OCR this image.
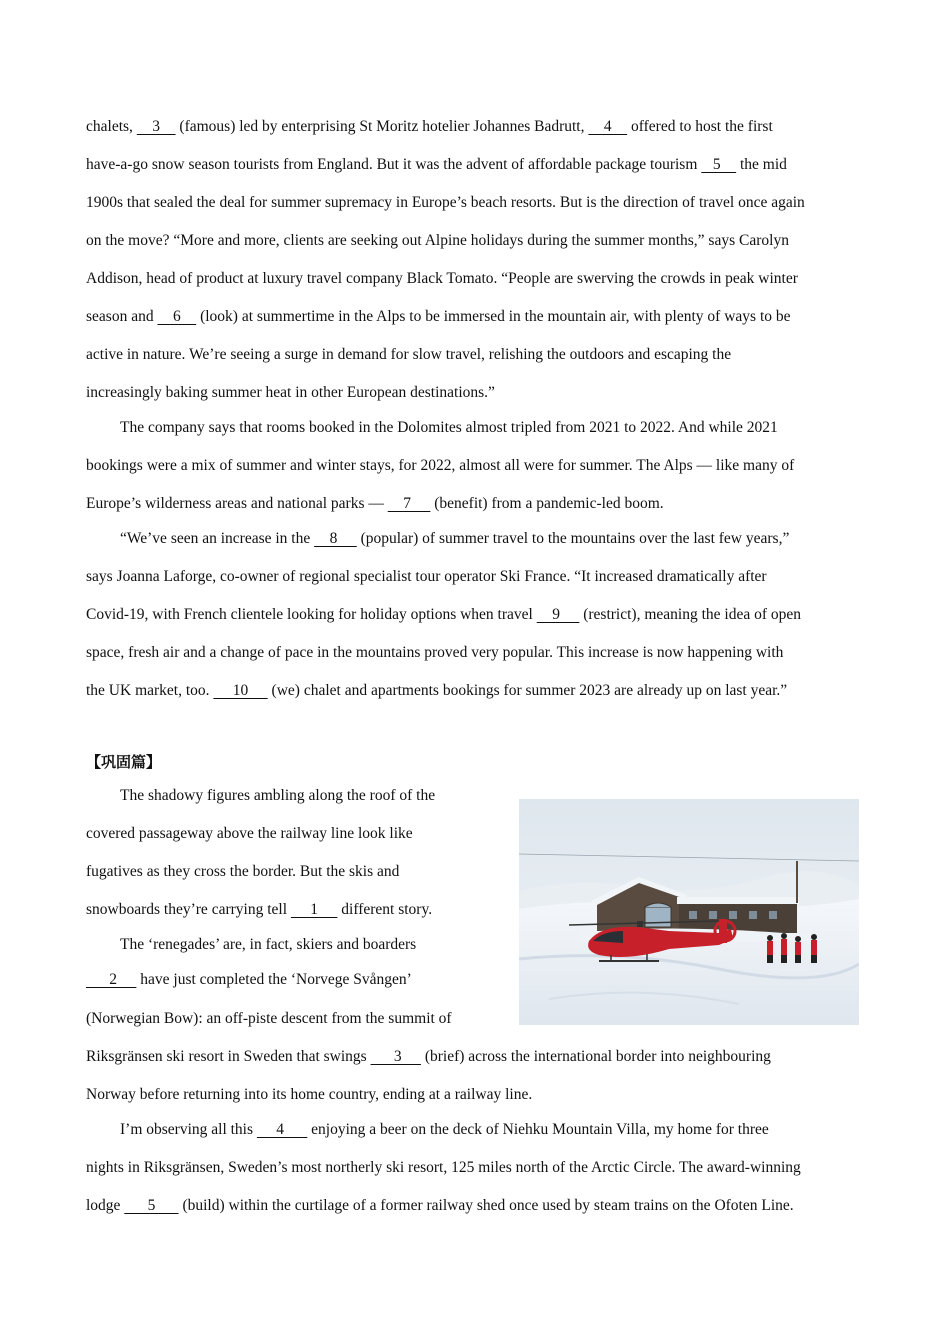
chalets,     3     (famous) led by enterprising St Moritz hotelier Johannes Badrutt,     4     offered to host the first
have-a-go snow season tourists from England. But it was the advent of affordable package tourism    5     the mid
1900s that sealed the deal for summer supremacy in Europe’s beach resorts. But is the direction of travel once again
on the move? “More and more, clients are seeking out Alpine holidays during the summer months,” says Carolyn
Addison, head of product at luxury travel company Black Tomato. “People are swerving the crowds in peak winter
season and     6     (look) at summertime in the Alps to be immersed in the mountain air, with plenty of ways to be
active in nature. We’re seeing a surge in demand for slow travel, relishing the outdoors and escaping the
increasingly baking summer heat in other European destinations.”
The company says that rooms booked in the Dolomites almost tripled from 2021 to 2022. And while 2021
bookings were a mix of summer and winter stays, for 2022, almost all were for summer. The Alps — like many of
Europe’s wilderness areas and national parks —     7      (benefit) from a pandemic-led boom.
“We’ve seen an increase in the     8      (popular) of summer travel to the mountains over the last few years,”
says Joanna Laforge, co-owner of regional specialist tour operator Ski France. “It increased dramatically after
Covid-19, with French clientele looking for holiday options when travel     9      (restrict), meaning the idea of open
space, fresh air and a change of pace in the mountains proved very popular. This increase is now happening with
the UK market, too.      10      (we) chalet and apartments bookings for summer 2023 are already up on last year.”
【巩固篇】
The shadowy figures ambling along the roof of the
covered passageway above the railway line look like
fugatives as they cross the border. But the skis and
snowboards they’re carrying tell      1      different story.
The ‘renegades’ are, in fact, skiers and boarders
2      have just completed the ‘Norvege Svången’
(Norwegian Bow): an off-piste descent from the summit of
Riksgränsen ski resort in Sweden that swings       3      (brief) across the international border into neighbouring
Norway before returning into its home country, ending at a railway line.
I’m observing all this      4       enjoying a beer on the deck of Niehku Mountain Villa, my home for three
nights in Riksgränsen, Sweden’s most northerly ski resort, 125 miles north of the Arctic Circle. The award-winning
lodge       5       (build) within the curtilage of a former railway shed once used by steam trains on the Ofoten Line.
